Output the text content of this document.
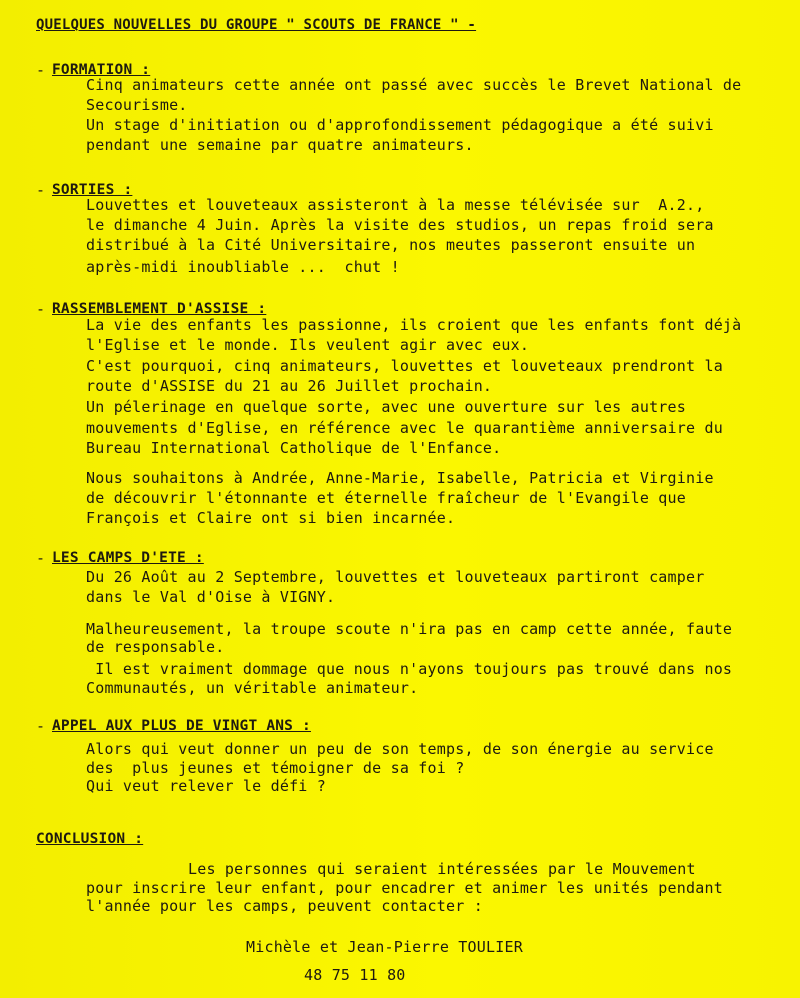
QUELQUES NOUVELLES DU GROUPE " SCOUTS DE FRANCE " -
- FORMATION :
Cinq animateurs cette année ont passé avec succès le Brevet National de
Secourisme.
Un stage d'initiation ou d'approfondissement pédagogique a été suivi
pendant une semaine par quatre animateurs.
- SORTIES :
Louvettes et louveteaux assisteront à la messe télévisée sur  A.2.,
le dimanche 4 Juin. Après la visite des studios, un repas froid sera
distribué à la Cité Universitaire, nos meutes passeront ensuite un
après-midi inoubliable ...  chut !
- RASSEMBLEMENT D'ASSISE :
La vie des enfants les passionne, ils croient que les enfants font déjà
l'Eglise et le monde. Ils veulent agir avec eux.
C'est pourquoi, cinq animateurs, louvettes et louveteaux prendront la
route d'ASSISE du 21 au 26 Juillet prochain.
Un pélerinage en quelque sorte, avec une ouverture sur les autres
mouvements d'Eglise, en référence avec le quarantième anniversaire du
Bureau International Catholique de l'Enfance.
Nous souhaitons à Andrée, Anne-Marie, Isabelle, Patricia et Virginie
de découvrir l'étonnante et éternelle fraîcheur de l'Evangile que
François et Claire ont si bien incarnée.
- LES CAMPS D'ETE :
Du 26 Août au 2 Septembre, louvettes et louveteaux partiront camper
dans le Val d'Oise à VIGNY.
Malheureusement, la troupe scoute n'ira pas en camp cette année, faute
de responsable.
Il est vraiment dommage que nous n'ayons toujours pas trouvé dans nos
Communautés, un véritable animateur.
- APPEL AUX PLUS DE VINGT ANS :
Alors qui veut donner un peu de son temps, de son énergie au service
des  plus jeunes et témoigner de sa foi ?
Qui veut relever le défi ?
CONCLUSION :
Les personnes qui seraient intéressées par le Mouvement
pour inscrire leur enfant, pour encadrer et animer les unités pendant
l'année pour les camps, peuvent contacter :
Michèle et Jean-Pierre TOULIER
48 75 11 80
